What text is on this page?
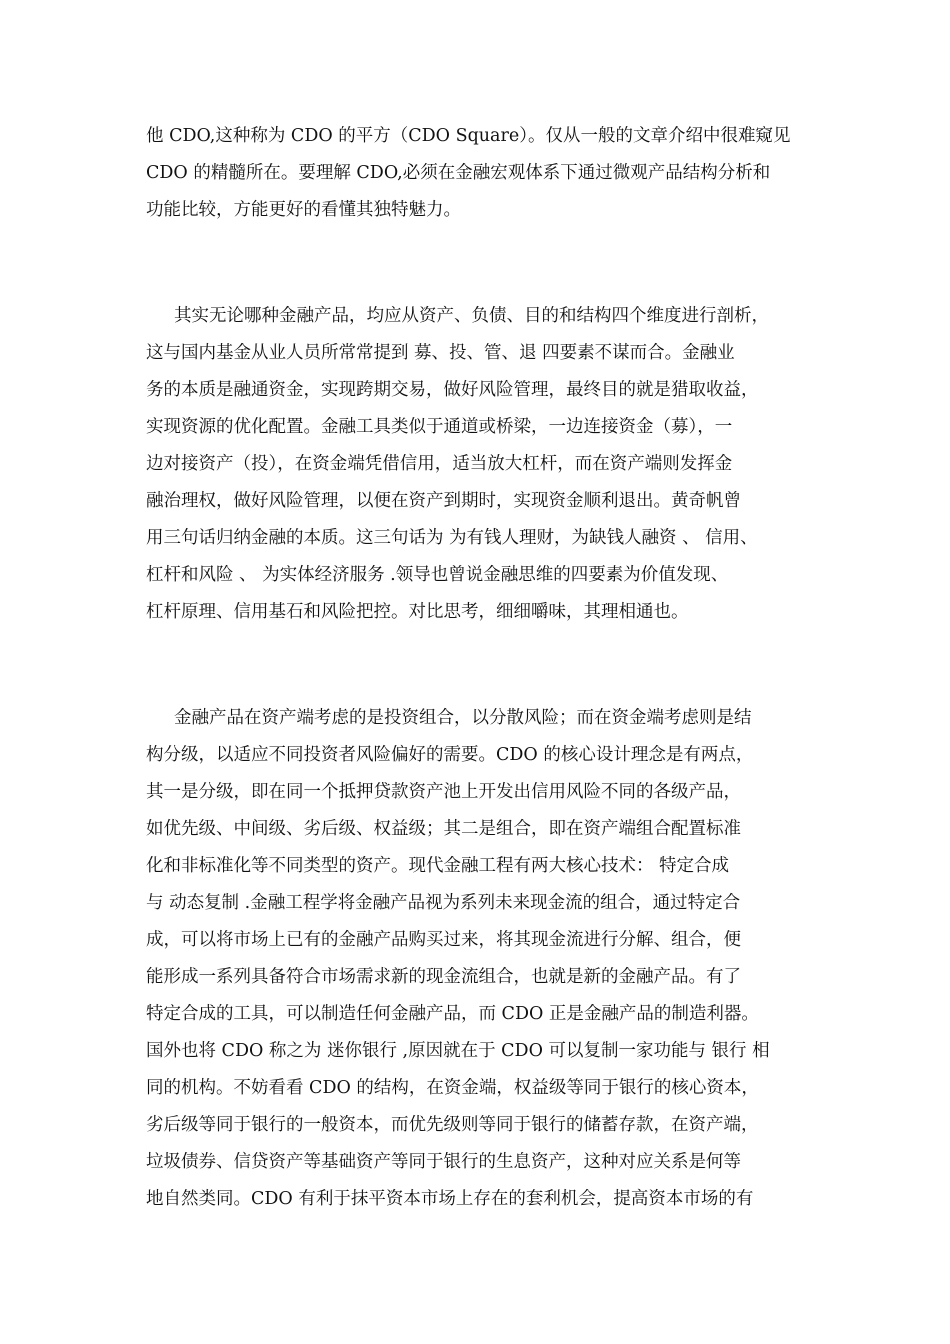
他 CDO,这种称为 CDO 的平方（CDO Square）。仅从一般的文章介绍中很难窥见
CDO 的精髓所在。要理解 CDO,必须在金融宏观体系下通过微观产品结构分析和
功能比较，方能更好的看懂其独特魅力。
其实无论哪种金融产品，均应从资产、负债、目的和结构四个维度进行剖析，
这与国内基金从业人员所常常提到 募、投、管、退 四要素不谋而合。金融业
务的本质是融通资金，实现跨期交易，做好风险管理，最终目的就是猎取收益，
实现资源的优化配置。金融工具类似于通道或桥梁，一边连接资金（募），一
边对接资产（投），在资金端凭借信用，适当放大杠杆，而在资产端则发挥金
融治理权，做好风险管理，以便在资产到期时，实现资金顺利退出。黄奇帆曾
用三句话归纳金融的本质。这三句话为 为有钱人理财，为缺钱人融资 、 信用、
杠杆和风险 、 为实体经济服务 .领导也曾说金融思维的四要素为价值发现、
杠杆原理、信用基石和风险把控。对比思考，细细嚼味，其理相通也。
金融产品在资产端考虑的是投资组合，以分散风险；而在资金端考虑则是结
构分级，以适应不同投资者风险偏好的需要。CDO 的核心设计理念是有两点，
其一是分级，即在同一个抵押贷款资产池上开发出信用风险不同的各级产品，
如优先级、中间级、劣后级、权益级；其二是组合，即在资产端组合配置标准
化和非标准化等不同类型的资产。现代金融工程有两大核心技术： 特定合成
与 动态复制 .金融工程学将金融产品视为系列未来现金流的组合，通过特定合
成，可以将市场上已有的金融产品购买过来，将其现金流进行分解、组合，便
能形成一系列具备符合市场需求新的现金流组合，也就是新的金融产品。有了
特定合成的工具，可以制造任何金融产品，而 CDO 正是金融产品的制造利器。
国外也将 CDO 称之为 迷你银行 ,原因就在于 CDO 可以复制一家功能与 银行 相
同的机构。不妨看看 CDO 的结构，在资金端，权益级等同于银行的核心资本，
劣后级等同于银行的一般资本，而优先级则等同于银行的储蓄存款，在资产端，
垃圾债券、信贷资产等基础资产等同于银行的生息资产，这种对应关系是何等
地自然类同。CDO 有利于抹平资本市场上存在的套利机会，提高资本市场的有
